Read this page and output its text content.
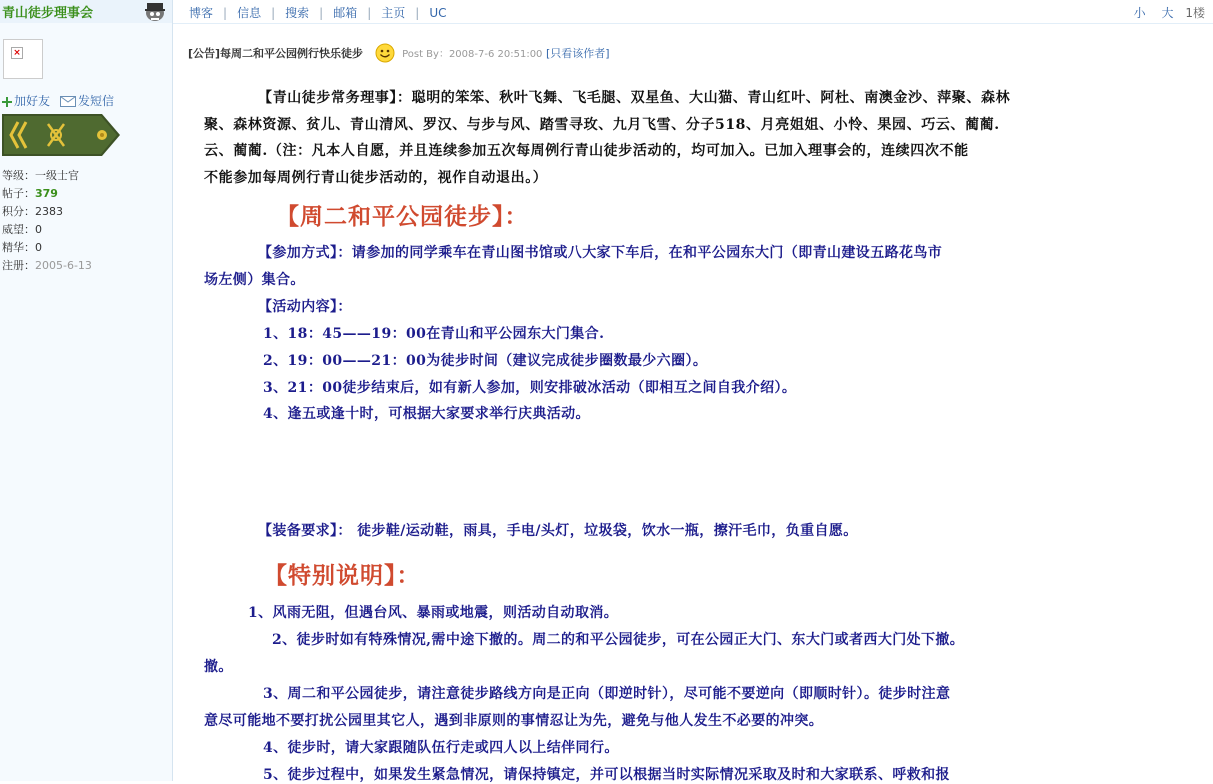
青山徒步理事会
×
加好友	发短信
等级：一级士官
帖子：379
积分：2383
威望：0
精华：0
注册：2005-6-13
博客 | 信息 | 搜索 | 邮箱 | 主页 | UC	小 大 1楼
[公告]每周二和平公园例行快乐徒步	Post By：2008-7-6 20:51:00 [只看该作者]
【青山徒步常务理事】：聪明的笨笨、秋叶飞舞、飞毛腿、双星鱼、大山猫、青山红叶、阿杜、南澳金沙、萍聚、森林
聚、森林资源、贫儿、青山清风、罗汉、与步与风、踏雪寻玫、九月飞雪、分子518、月亮姐姐、小怜、果园、巧云、蔺蔺.
云、蔺蔺.（注：凡本人自愿，并且连续参加五次每周例行青山徒步活动的，均可加入。已加入理事会的，连续四次不能
不能参加每周例行青山徒步活动的，视作自动退出。）
【周二和平公园徒步】：
【参加方式】：请参加的同学乘车在青山图书馆或八大家下车后，在和平公园东大门（即青山建设五路花鸟市
场左侧）集合。
【活动内容】：
1、18：45——19：00在青山和平公园东大门集合.
2、19：00——21：00为徒步时间（建议完成徒步圈数最少六圈）。
3、21：00徒步结束后，如有新人参加，则安排破冰活动（即相互之间自我介绍）。
4、逢五或逢十时，可根据大家要求举行庆典活动。
【装备要求】： 徒步鞋/运动鞋，雨具，手电/头灯，垃圾袋，饮水一瓶，擦汗毛巾，负重自愿。
【特别说明】：
1、风雨无阻，但遇台风、暴雨或地震，则活动自动取消。
2、徒步时如有特殊情况,需中途下撤的。周二的和平公园徒步，可在公园正大门、东大门或者西大门处下撤。
撤。
3、周二和平公园徒步，请注意徒步路线方向是正向（即逆时针），尽可能不要逆向（即顺时针）。徒步时注意
意尽可能地不要打扰公园里其它人，遇到非原则的事情忍让为先，避免与他人发生不必要的冲突。
4、徒步时，请大家跟随队伍行走或四人以上结伴同行。
5、徒步过程中，如果发生紧急情况，请保持镇定，并可以根据当时实际情况采取及时和大家联系、呼救和报
